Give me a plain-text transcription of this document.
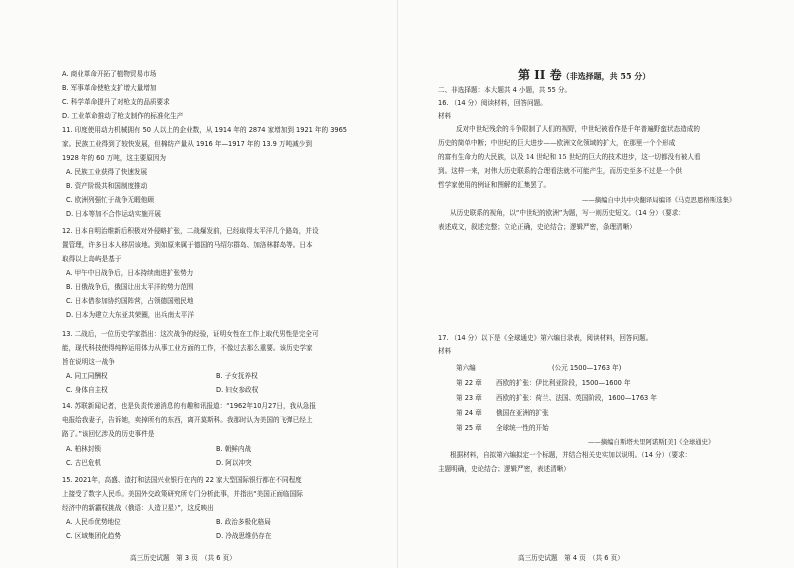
A. 商业革命开拓了植物贸易市场
B. 军事革命使枪支扩增大量增加
C. 科学革命提升了对枪支的品质要求
D. 工业革命推动了枪支制作的标准化生产
11. 印度使用动力机械拥有 50 人以上的企业数，从 1914 年的 2874 家增加到 1921 年的 3965
家。民族工业得到了较快发展，但棉纺产量从 1916 年—1917 年的 13.9 万吨减少到
1928 年的 60 万吨，这主要原因为
A. 民族工业获得了快速发展
B. 资产阶级共和国制度推动
C. 欧洲列强忙于战争无暇他顾
D. 日本等加不合作运动实施开展
12. 日本自明治维新后积极对外侵略扩张，二战爆发前，已经取得太平洋几个路岛，并设
置管理，许多日本人移居该地。到如原来属于德国的马绍尔群岛、加洛林群岛等。日本
取得以上岛屿是基于
A. 甲午中日战争后，日本持续南进扩张势力
B. 日俄战争后，俄国让出太平洋的势力范围
C. 日本借参加协约国阵营，占领德国殖民地
D. 日本为建立大东亚共荣圈，出兵南太平洋
13. 二战后，一位历史学家指出：这次战争的经验，证明女性在工作上取代男性是完全可
能，现代科技使得纯粹运用体力从事工业方面的工作，不像过去那么重要。该历史学家
旨在说明这一战争
A. 同工同酬权	B. 子女抚养权
C. 身体自主权	D. 妇女参政权
14. 苏联新闻记者，也是负责传递消息的有趣和讯报道：“1962年10月27日，我从急报
电报给我妻子，告诉她，卖掉所有的东西，离开莫斯科。我那时认为美国的飞弹已经上
路了。”该回忆涉及的历史事件是
A. 柏林封锁	B. 朝鲜内战
C. 古巴危机	D. 阿以冲突
15. 2021年，高盛、渣打和法国兴业银行在内的 22 家大型国际银行都在不同程度
上接受了数字人民币。美国外交政策研究所专门分析此事，并指出“美国正面临国际
经济中的新霸权挑战（俄语：人造卫星）”，这反映出
A. 人民币优势地位	B. 政治多极化格局
C. 区域集团化趋势	D. 冷战思维仍存在
高三历史试题　第 3 页　（共 6 页）
第 II 卷（非选择题，共 55 分）
二、非选择题：本大题共 4 小题，共 55 分。
16. （14 分）阅读材料，回答问题。
材料
反对中世纪残余的斗争限制了人们的视野，中世纪被看作是千年普遍野蛮状态造成的
历史的简单中断；中世纪的巨大进步——欧洲文化领域的扩大，在那里一个个形成
的富有生命力的大民族，以及 14 世纪和 15 世纪的巨大的技术进步，这一切都没有被人看
到。这样一来，对伟大历史联系的合理看法就不可能产生，而历史至多不过是一个供
哲学家使用的例证和图解的汇集罢了。
——摘编自中共中央翻译局编译《马克思恩格斯选集》
从历史联系的视角，以“中世纪的欧洲”为题，写一则历史短文。（14 分）（要求：
表述成文，叙述完整；立论正确，史论结合；逻辑严密，条理清晰）
17. （14 分）以下是《全球通史》第六编目录表，阅读材料，回答问题。
材料
第六编	(公元 1500—1763 年)
第 22 章 西欧的扩张：伊比利亚阶段，1500—1600 年
第 23 章 西欧的扩张：荷兰、法国、英国阶段，1600—1763 年
第 24 章 俄国在亚洲的扩张
第 25 章 全球统一性的开始
——摘编自斯塔夫里阿诺斯[美]《全球通史》
根据材料，自拟第六编拟定一个标题，并结合相关史实加以说明。（14 分）（要求：
主题明确，史论结合；逻辑严密，表述清晰）
高三历史试题　第 4 页　（共 6 页）
